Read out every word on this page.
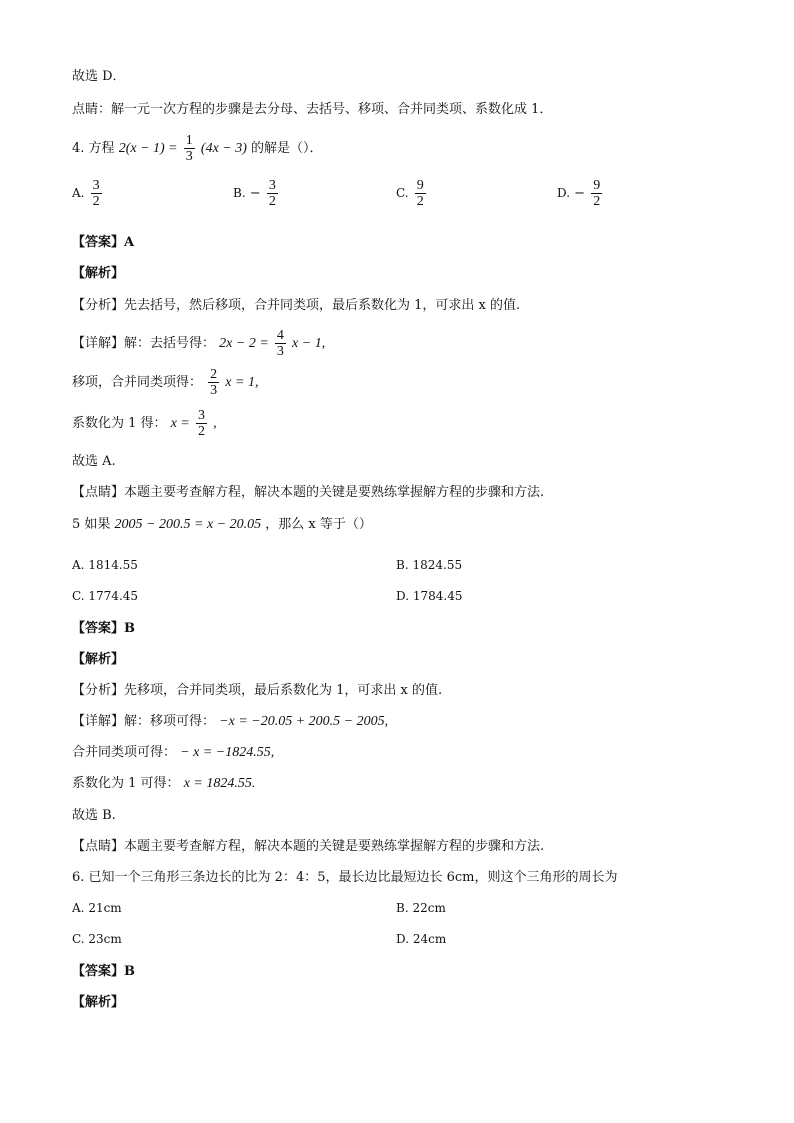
故选 D．
点睛：解一元一次方程的步骤是去分母、去括号、移项、合并同类项、系数化成 1．
4. 方程 $2(x - 1) = \frac{1}{3} (4x - 3)$ 的解是（）．
A. $\frac{3}{2}$	B. − $\frac{3}{2}$	C. $\frac{9}{2}$	D. − $\frac{9}{2}$
【答案】A
【解析】
【分析】先去括号，然后移项，合并同类项，最后系数化为 1，可求出 x 的值.
【详解】解：去括号得： $2x - 2 = \frac{4}{3}$ x − 1,
移项，合并同类项得： $\frac{2}{3}$ x = 1,
系数化为 1 得： $x = \frac{3}{2}$ ,
故选 A.
【点睛】本题主要考查解方程，解决本题的关键是要熟练掌握解方程的步骤和方法.
5 如果 2005 − 200.5 = x − 20.05 ，那么 x 等于（）
A. 1814.55	B. 1824.55
C. 1774.45	D. 1784.45
【答案】B
【解析】
【分析】先移项，合并同类项，最后系数化为 1，可求出 x 的值.
【详解】解：移项可得： −x = −20.05 + 200.5 − 2005,
合并同类项可得： − x = −1824.55,
系数化为 1 可得： x = 1824.55.
故选 B.
【点睛】本题主要考查解方程，解决本题的关键是要熟练掌握解方程的步骤和方法.
6. 已知一个三角形三条边长的比为 2：4：5，最长边比最短边长 6cm，则这个三角形的周长为
A. 21cm	B. 22cm
C. 23cm	D. 24cm
【答案】B
【解析】
